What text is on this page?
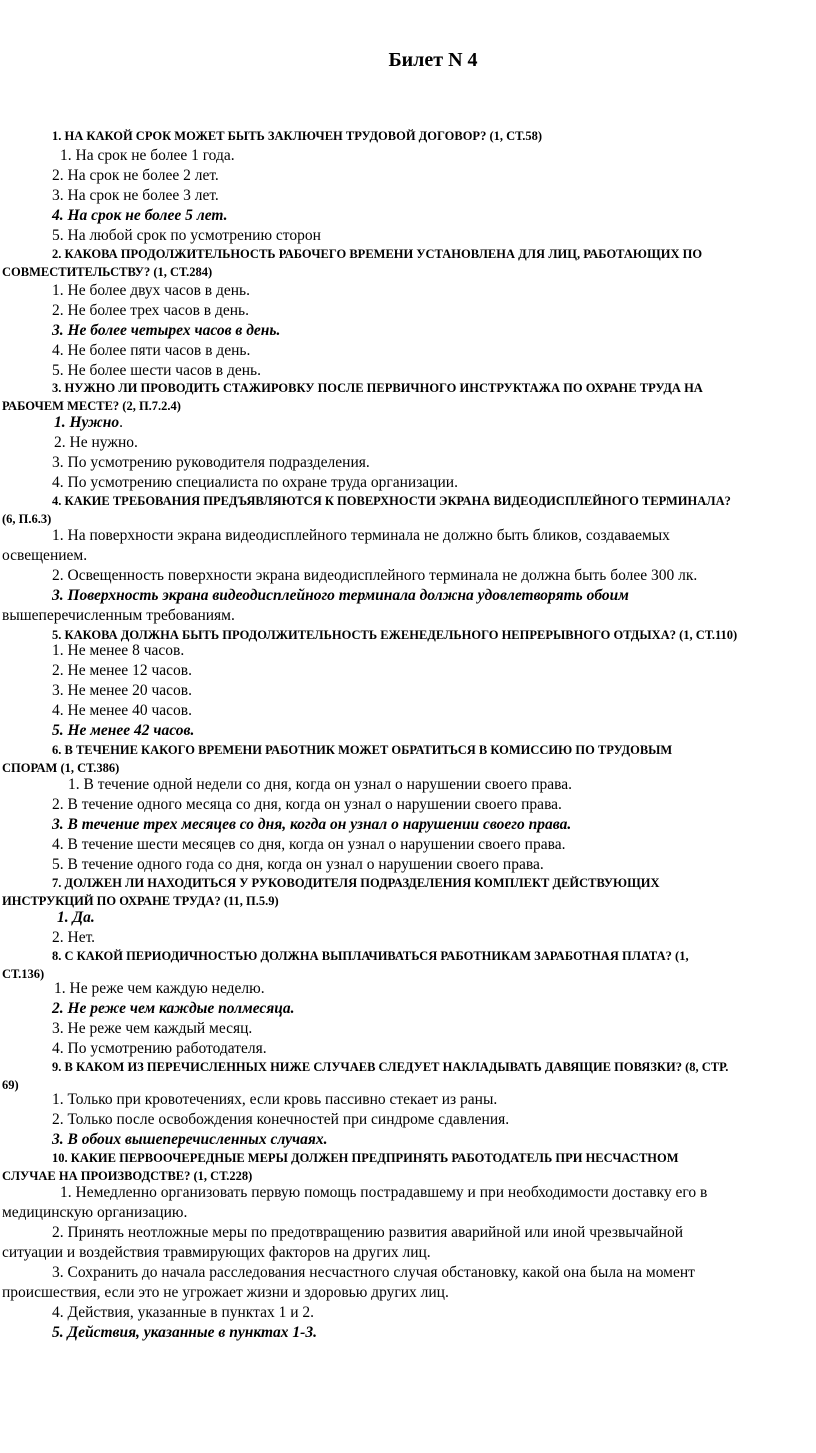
Билет N 4
1. НА КАКОЙ СРОК МОЖЕТ БЫТЬ ЗАКЛЮЧЕН ТРУДОВОЙ ДОГОВОР? (1, СТ.58)
1. На срок не более 1 года.
2. На срок не более 2 лет.
3. На срок не более 3 лет.
4. На срок не более 5 лет.
5. На любой срок по усмотрению сторон
2. КАКОВА ПРОДОЛЖИТЕЛЬНОСТЬ РАБОЧЕГО ВРЕМЕНИ УСТАНОВЛЕНА ДЛЯ ЛИЦ, РАБОТАЮЩИХ ПО
СОВМЕСТИТЕЛЬСТВУ? (1, СТ.284)
1. Не более двух часов в день.
2. Не более трех часов в день.
3. Не более четырех часов в день.
4. Не более пяти часов в день.
5. Не более шести часов в день.
3. НУЖНО ЛИ ПРОВОДИТЬ СТАЖИРОВКУ ПОСЛЕ ПЕРВИЧНОГО ИНСТРУКТАЖА ПО ОХРАНЕ ТРУДА НА
РАБОЧЕМ МЕСТЕ? (2, П.7.2.4)
1. Нужно.
2. Не нужно.
3. По усмотрению руководителя подразделения.
4. По усмотрению специалиста по охране труда организации.
4. КАКИЕ ТРЕБОВАНИЯ ПРЕДЪЯВЛЯЮТСЯ К ПОВЕРХНОСТИ ЭКРАНА ВИДЕОДИСПЛЕЙНОГО ТЕРМИНАЛА?
(6, П.6.3)
1. На поверхности экрана видеодисплейного терминала не должно быть бликов, создаваемых
освещением.
2. Освещенность поверхности экрана видеодисплейного терминала не должна быть более 300 лк.
3. Поверхность экрана видеодисплейного терминала должна удовлетворять обоим
вышеперечисленным требованиям.
5. КАКОВА ДОЛЖНА БЫТЬ ПРОДОЛЖИТЕЛЬНОСТЬ ЕЖЕНЕДЕЛЬНОГО НЕПРЕРЫВНОГО ОТДЫХА? (1, СТ.110)
1. Не менее 8 часов.
2. Не менее 12 часов.
3. Не менее 20 часов.
4. Не менее 40 часов.
5. Не менее 42 часов.
6. В ТЕЧЕНИЕ КАКОГО ВРЕМЕНИ РАБОТНИК МОЖЕТ ОБРАТИТЬСЯ В КОМИССИЮ ПО ТРУДОВЫМ
СПОРАМ (1, СТ.386)
1. В течение одной недели со дня, когда он узнал о нарушении своего права.
2. В течение одного месяца со дня, когда он узнал о нарушении своего права.
3. В течение трех месяцев со дня, когда он узнал о нарушении своего права.
4. В течение шести месяцев со дня, когда он узнал о нарушении своего права.
5. В течение одного года со дня, когда он узнал о нарушении своего права.
7. ДОЛЖЕН ЛИ НАХОДИТЬСЯ У РУКОВОДИТЕЛЯ ПОДРАЗДЕЛЕНИЯ КОМПЛЕКТ ДЕЙСТВУЮЩИХ
ИНСТРУКЦИЙ ПО ОХРАНЕ ТРУДА? (11, П.5.9)
1. Да.
2. Нет.
8. С КАКОЙ ПЕРИОДИЧНОСТЬЮ ДОЛЖНА ВЫПЛАЧИВАТЬСЯ РАБОТНИКАМ ЗАРАБОТНАЯ ПЛАТА? (1,
СТ.136)
1. Не реже чем каждую неделю.
2. Не реже чем каждые полмесяца.
3. Не реже чем каждый месяц.
4. По усмотрению работодателя.
9. В КАКОМ ИЗ ПЕРЕЧИСЛЕННЫХ НИЖЕ СЛУЧАЕВ СЛЕДУЕТ НАКЛАДЫВАТЬ ДАВЯЩИЕ ПОВЯЗКИ? (8, СТР.
69)
1. Только при кровотечениях, если кровь пассивно стекает из раны.
2. Только после освобождения конечностей при синдроме сдавления.
3. В обоих вышеперечисленных случаях.
10. КАКИЕ ПЕРВООЧЕРЕДНЫЕ МЕРЫ ДОЛЖЕН ПРЕДПРИНЯТЬ РАБОТОДАТЕЛЬ ПРИ НЕСЧАСТНОМ
СЛУЧАЕ НА ПРОИЗВОДСТВЕ? (1, СТ.228)
1. Немедленно организовать первую помощь пострадавшему и при необходимости доставку его в
медицинскую организацию.
2. Принять неотложные меры по предотвращению развития аварийной или иной чрезвычайной
ситуации и воздействия травмирующих факторов на других лиц.
3. Сохранить до начала расследования несчастного случая обстановку, какой она была на момент
происшествия, если это не угрожает жизни и здоровью других лиц.
4. Действия, указанные в пунктах 1 и 2.
5. Действия, указанные в пунктах 1-3.
